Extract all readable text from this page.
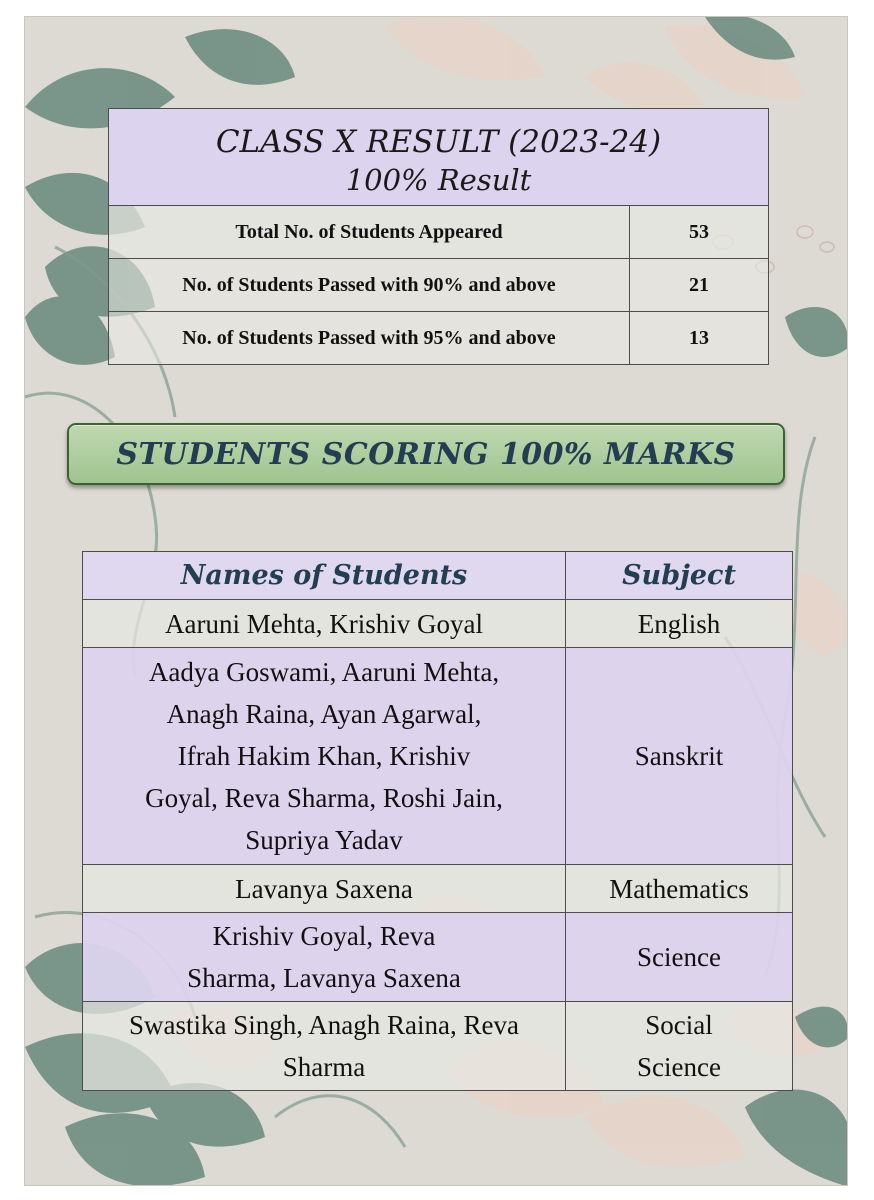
CLASS X RESULT (2023-24)
100% Result	

Total No. of Students Appeared	53
No. of Students Passed with 90% and above	21
No. of Students Passed with 95% and above	13
STUDENTS SCORING 100% MARKS
Names of Students	Subject
Aaruni Mehta, Krishiv Goyal	English
Aadya Goswami, Aaruni Mehta, Anagh Raina, Ayan Agarwal, Ifrah Hakim Khan, Krishiv Goyal, Reva Sharma, Roshi Jain, Supriya Yadav	Sanskrit
Lavanya Saxena	Mathematics
Krishiv Goyal, Reva Sharma, Lavanya Saxena	Science
Swastika Singh, Anagh Raina, Reva Sharma	Social Science
